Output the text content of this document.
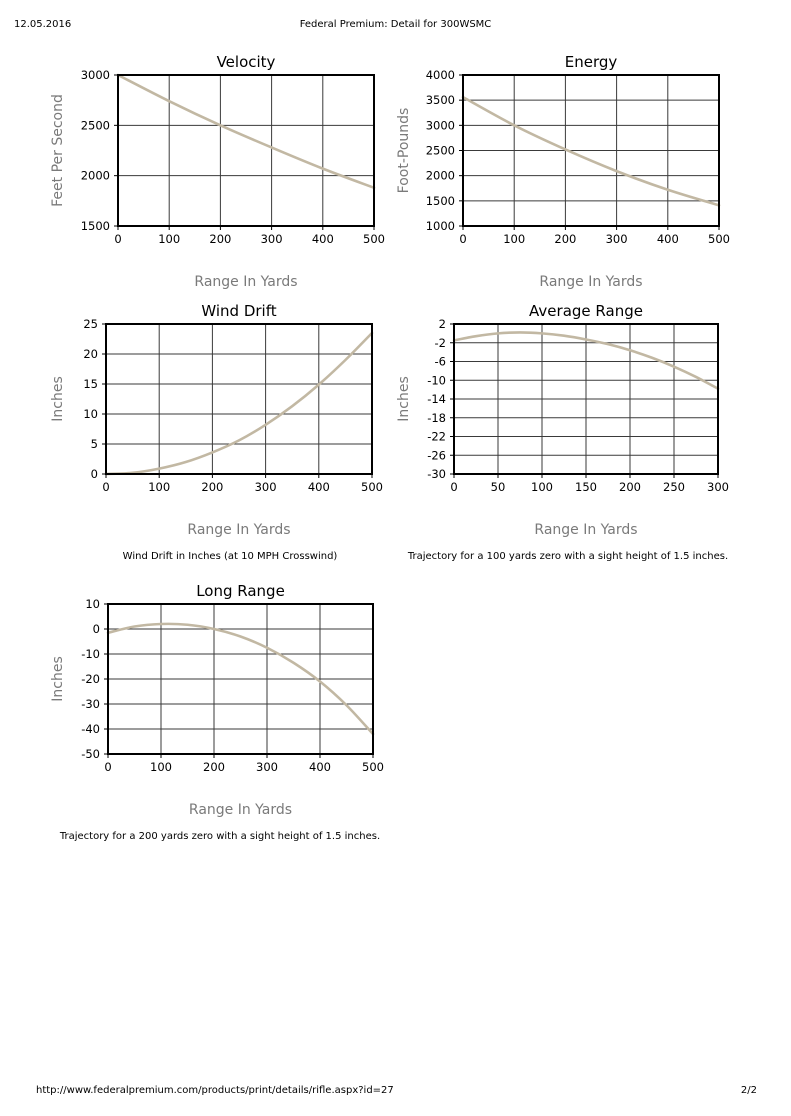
12.05.2016	Federal Premium: Detail for 300WSMC
Velocity
0	100	200	300	400	500
1500
2000
2500
3000
Range In Yards
Feet Per Second
Energy
0	100	200	300	400	500
1000
1500
2000
2500
3000
3500
4000
Range In Yards
Foot-Pounds
Wind Drift
0	100	200	300	400	500
0
5
10
15
20
25
Range In Yards
Inches
Average Range
0	50 100 150 200 250 300
-30
-26
-22
-18
-14
-10
-6
-2
2
Range In Yards
Inches
Long Range
0	100	200	300	400	500
-50
-40
-30
-20
-10
0
10
Range In Yards
Inches
Wind Drift in Inches (at 10 MPH Crosswind)	Trajectory for a 100 yards zero with a sight height of 1.5 inches.
Trajectory for a 200 yards zero with a sight height of 1.5 inches.
http://www.federalpremium.com/products/print/details/rifle.aspx?id=27	2/2
